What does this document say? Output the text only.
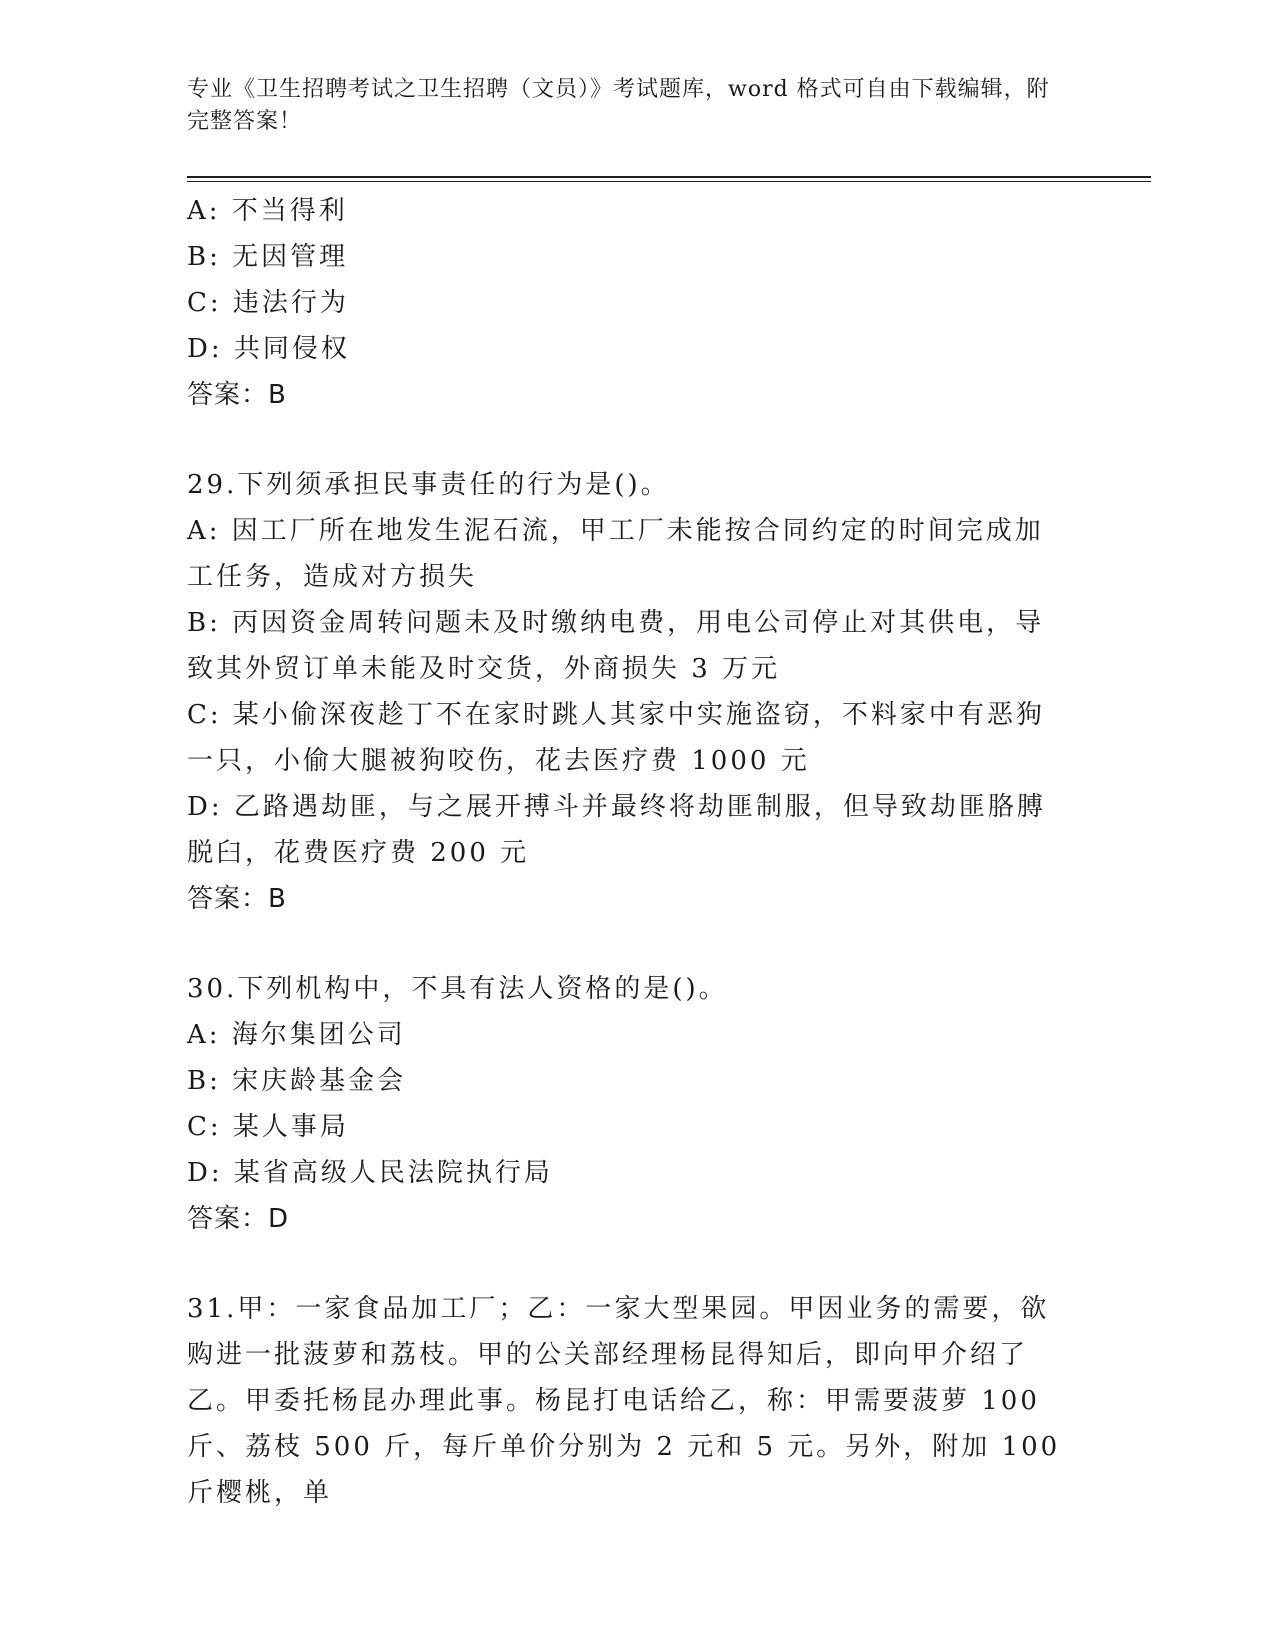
专业《卫生招聘考试之卫生招聘（文员）》考试题库，word 格式可自由下载编辑，附完整答案！
A: 不当得利
B: 无因管理
C: 违法行为
D: 共同侵权
答案：B
29.下列须承担民事责任的行为是()。
A: 因工厂所在地发生泥石流，甲工厂未能按合同约定的时间完成加工任务，造成对方损失
B: 丙因资金周转问题未及时缴纳电费，用电公司停止对其供电，导致其外贸订单未能及时交货，外商损失 3 万元
C: 某小偷深夜趁丁不在家时跳人其家中实施盗窃，不料家中有恶狗一只，小偷大腿被狗咬伤，花去医疗费 1000 元
D: 乙路遇劫匪，与之展开搏斗并最终将劫匪制服，但导致劫匪胳膊脱臼，花费医疗费 200 元
答案：B
30.下列机构中，不具有法人资格的是()。
A: 海尔集团公司
B: 宋庆龄基金会
C: 某人事局
D: 某省高级人民法院执行局
答案：D
31.甲：一家食品加工厂；乙：一家大型果园。甲因业务的需要，欲购进一批菠萝和荔枝。甲的公关部经理杨昆得知后，即向甲介绍了乙。甲委托杨昆办理此事。杨昆打电话给乙，称：甲需要菠萝 100 斤、荔枝 500 斤，每斤单价分别为 2 元和 5 元。另外，附加 100 斤樱桃，单
